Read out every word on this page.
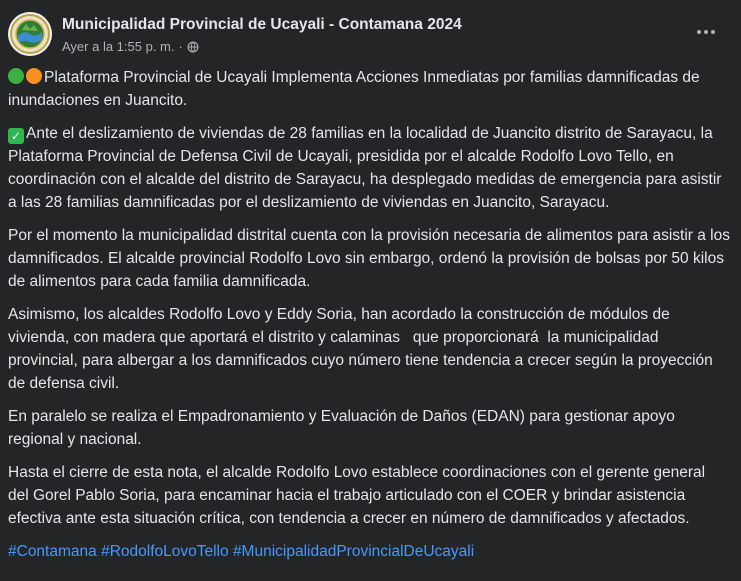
Municipalidad Provincial de Ucayali - Contamana 2024
Ayer a la 1:55 p. m. ·

Plataforma Provincial de Ucayali Implementa Acciones Inmediatas por familias damnificadas de inundaciones en Juancito.

✓ Ante el deslizamiento de viviendas de 28 familias en la localidad de Juancito distrito de Sarayacu, la Plataforma Provincial de Defensa Civil de Ucayali, presidida por el alcalde Rodolfo Lovo Tello, en coordinación con el alcalde del distrito de Sarayacu, ha desplegado medidas de emergencia para asistir a las 28 familias damnificadas por el deslizamiento de viviendas en Juancito, Sarayacu.

Por el momento la municipalidad distrital cuenta con la provisión necesaria de alimentos para asistir a los damnificados. El alcalde provincial Rodolfo Lovo sin embargo, ordenó la provisión de bolsas por 50 kilos de alimentos para cada familia damnificada.

Asimismo, los alcaldes Rodolfo Lovo y Eddy Soria, han acordado la construcción de módulos de vivienda, con madera que aportará el distrito y calaminas   que proporcionará  la municipalidad provincial, para albergar a los damnificados cuyo número tiene tendencia a crecer según la proyección de defensa civil.

En paralelo se realiza el Empadronamiento y Evaluación de Daños (EDAN) para gestionar apoyo regional y nacional.

Hasta el cierre de esta nota, el alcalde Rodolfo Lovo establece coordinaciones con el gerente general del Gorel Pablo Soria, para encaminar hacia el trabajo articulado con el COER y brindar asistencia efectiva ante esta situación crítica, con tendencia a crecer en número de damnificados y afectados.

#Contamana #RodolfoLovoTello #MunicipalidadProvincialDeUcayali
